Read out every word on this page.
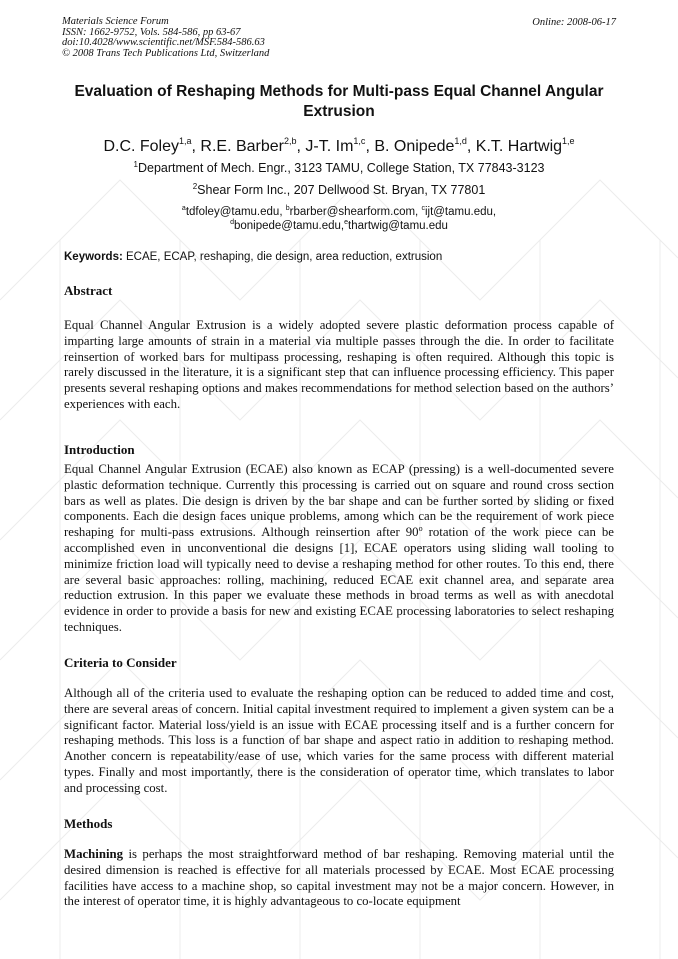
Materials Science Forum
ISSN: 1662-9752, Vols. 584-586, pp 63-67
doi:10.4028/www.scientific.net/MSF.584-586.63
© 2008 Trans Tech Publications Ltd, Switzerland
Online: 2008-06-17
Evaluation of Reshaping Methods for Multi-pass Equal Channel Angular
Extrusion
D.C. Foley$^{1,a}$, R.E. Barber$^{2,b}$, J-T. Im$^{1,c}$, B. Onipede$^{1,d}$, K.T. Hartwig$^{1,e}$
$^1$Department of Mech. Engr., 3123 TAMU, College Station, TX 77843-3123
$^2$Shear Form Inc., 207 Dellwood St. Bryan, TX 77801
$^a$tdfoley@tamu.edu, $^b$rbarber@shearform.com, $^c$ijt@tamu.edu,
$^d$bonipede@tamu.edu,$^e$thartwig@tamu.edu
Keywords: ECAE, ECAP, reshaping, die design, area reduction, extrusion
Abstract
Equal Channel Angular Extrusion is a widely adopted severe plastic deformation process capable of imparting large amounts of strain in a material via multiple passes through the die. In order to facilitate reinsertion of worked bars for multipass processing, reshaping is often required. Although this topic is rarely discussed in the literature, it is a significant step that can influence processing efficiency. This paper presents several reshaping options and makes recommendations for method selection based on the authors’ experiences with each.
Introduction
Equal Channel Angular Extrusion (ECAE) also known as ECAP (pressing) is a well-documented severe plastic deformation technique. Currently this processing is carried out on square and round cross section bars as well as plates. Die design is driven by the bar shape and can be further sorted by sliding or fixed components. Each die design faces unique problems, among which can be the requirement of work piece reshaping for multi-pass extrusions. Although reinsertion after 90$^o$ rotation of the work piece can be accomplished even in unconventional die designs [1], ECAE operators using sliding wall tooling to minimize friction load will typically need to devise a reshaping method for other routes. To this end, there are several basic approaches: rolling, machining, reduced ECAE exit channel area, and separate area reduction extrusion. In this paper we evaluate these methods in broad terms as well as with anecdotal evidence in order to provide a basis for new and existing ECAE processing laboratories to select reshaping techniques.
Criteria to Consider
Although all of the criteria used to evaluate the reshaping option can be reduced to added time and cost, there are several areas of concern. Initial capital investment required to implement a given system can be a significant factor. Material loss/yield is an issue with ECAE processing itself and is a further concern for reshaping methods. This loss is a function of bar shape and aspect ratio in addition to reshaping method. Another concern is repeatability/ease of use, which varies for the same process with different material types. Finally and most importantly, there is the consideration of operator time, which translates to labor and processing cost.
Methods
Machining is perhaps the most straightforward method of bar reshaping. Removing material until the desired dimension is reached is effective for all materials processed by ECAE. Most ECAE processing facilities have access to a machine shop, so capital investment may not be a major concern. However, in the interest of operator time, it is highly advantageous to co-locate equipment
